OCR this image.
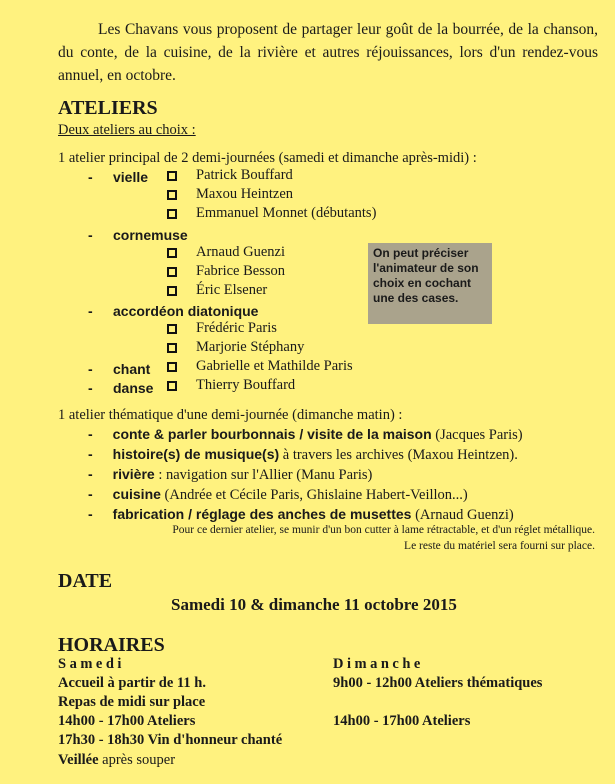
Les Chavans vous proposent de partager leur goût de la bourrée, de la chanson, du conte, de la cuisine, de la rivière et autres réjouissances, lors d'un rendez-vous annuel, en octobre.
ATELIERS
Deux ateliers au choix :
1 atelier principal de 2 demi-journées (samedi et dimanche après-midi) :
- vielle	Patrick Bouffard
Maxou Heintzen
Emmanuel Monnet (débutants)
- cornemuse
Arnaud Guenzi
Fabrice Besson
Éric Elsener
On peut préciser l'animateur de son choix en cochant une des cases.
- accordéon diatonique
Frédéric Paris
Marjorie Stéphany
- chant	Gabrielle et Mathilde Paris
- danse	Thierry Bouffard
1 atelier thématique d'une demi-journée (dimanche matin) :
- conte & parler bourbonnais / visite de la maison (Jacques Paris)
- histoire(s) de musique(s) à travers les archives (Maxou Heintzen).
- rivière : navigation sur l'Allier (Manu Paris)
- cuisine (Andrée et Cécile Paris, Ghislaine Habert-Veillon...)
- fabrication / réglage des anches de musettes (Arnaud Guenzi)
Pour ce dernier atelier, se munir d'un bon cutter à lame rétractable, et d'un réglet métallique.
Le reste du matériel sera fourni sur place.
DATE
Samedi 10 & dimanche 11 octobre 2015
HORAIRES
Samedi
Accueil à partir de 11 h.
Repas de midi sur place
14h00 - 17h00 Ateliers
17h30 - 18h30 Vin d'honneur chanté
Veillée après souper
Dimanche
9h00 - 12h00 Ateliers thématiques
14h00 - 17h00 Ateliers
